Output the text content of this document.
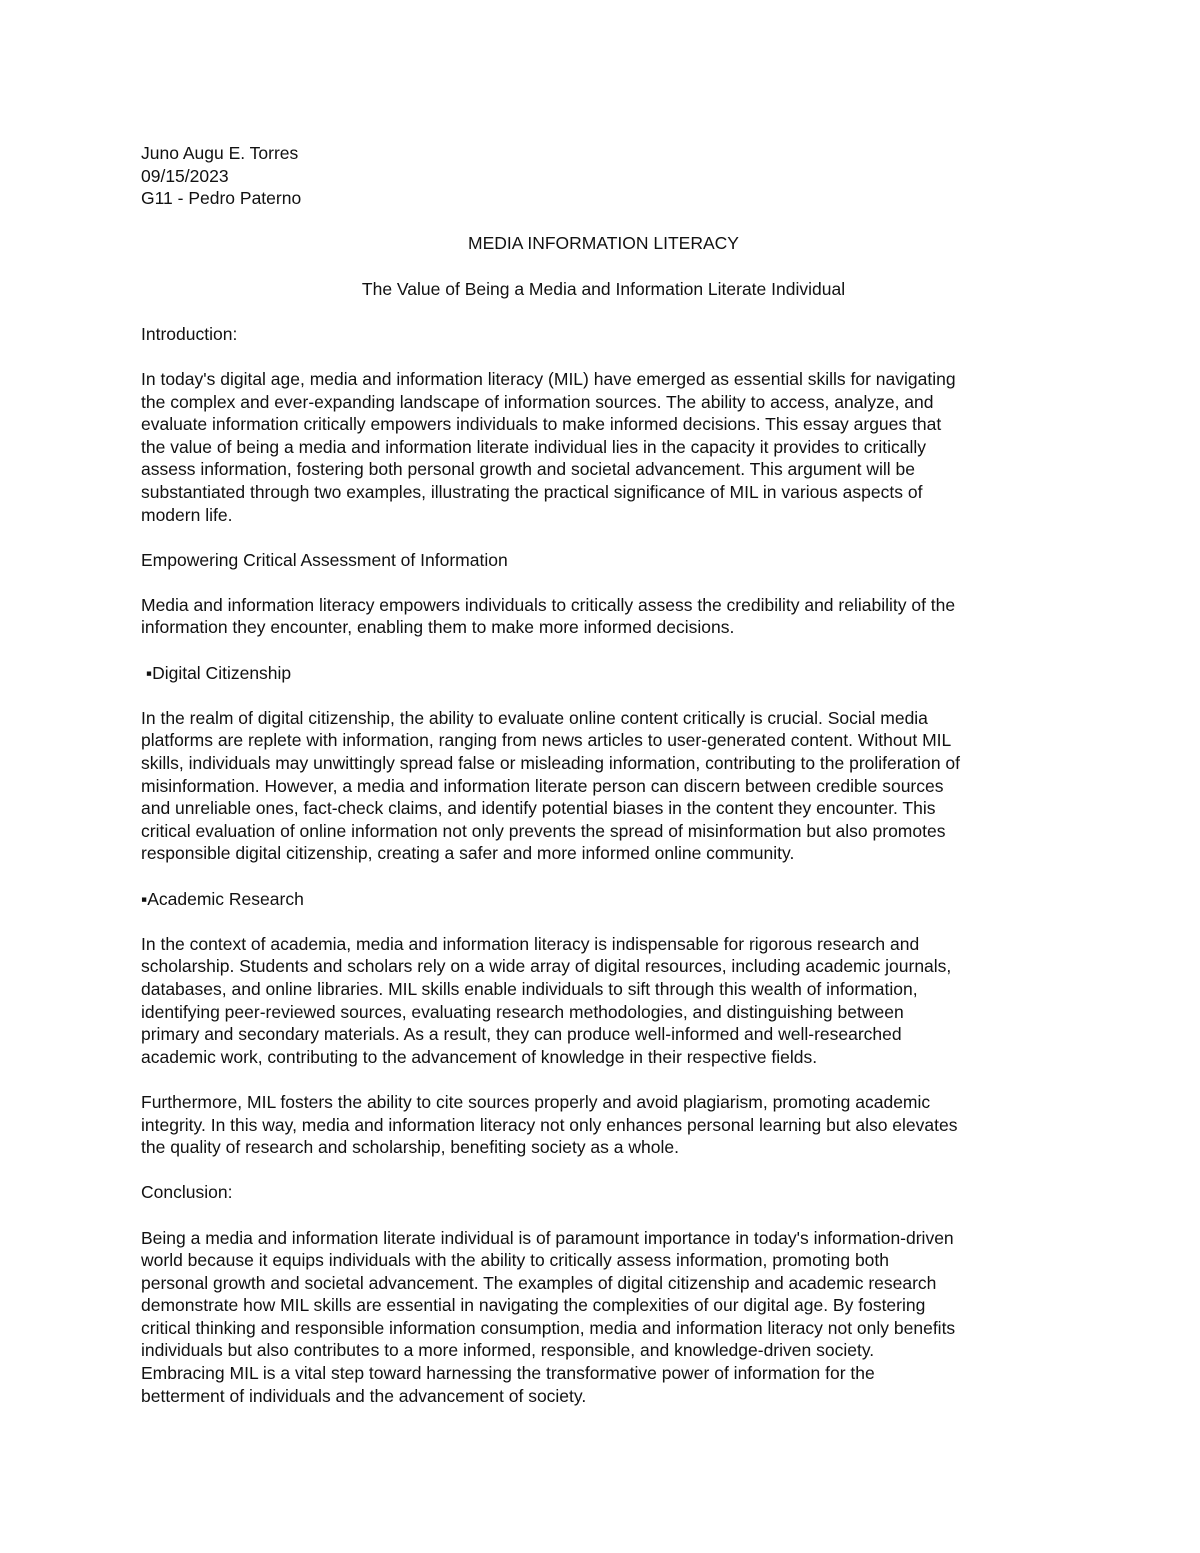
Juno Augu E. Torres
09/15/2023
G11 - Pedro Paterno
MEDIA INFORMATION LITERACY
The Value of Being a Media and Information Literate Individual
Introduction:

In today's digital age, media and information literacy (MIL) have emerged as essential skills for navigating
the complex and ever-expanding landscape of information sources. The ability to access, analyze, and
evaluate information critically empowers individuals to make informed decisions. This essay argues that
the value of being a media and information literate individual lies in the capacity it provides to critically
assess information, fostering both personal growth and societal advancement. This argument will be
substantiated through two examples, illustrating the practical significance of MIL in various aspects of
modern life.

Empowering Critical Assessment of Information

Media and information literacy empowers individuals to critically assess the credibility and reliability of the
information they encounter, enabling them to make more informed decisions.

▪Digital Citizenship

In the realm of digital citizenship, the ability to evaluate online content critically is crucial. Social media
platforms are replete with information, ranging from news articles to user-generated content. Without MIL
skills, individuals may unwittingly spread false or misleading information, contributing to the proliferation of
misinformation. However, a media and information literate person can discern between credible sources
and unreliable ones, fact-check claims, and identify potential biases in the content they encounter. This
critical evaluation of online information not only prevents the spread of misinformation but also promotes
responsible digital citizenship, creating a safer and more informed online community.

▪Academic Research

In the context of academia, media and information literacy is indispensable for rigorous research and
scholarship. Students and scholars rely on a wide array of digital resources, including academic journals,
databases, and online libraries. MIL skills enable individuals to sift through this wealth of information,
identifying peer-reviewed sources, evaluating research methodologies, and distinguishing between
primary and secondary materials. As a result, they can produce well-informed and well-researched
academic work, contributing to the advancement of knowledge in their respective fields.

Furthermore, MIL fosters the ability to cite sources properly and avoid plagiarism, promoting academic
integrity. In this way, media and information literacy not only enhances personal learning but also elevates
the quality of research and scholarship, benefiting society as a whole.

Conclusion:

Being a media and information literate individual is of paramount importance in today's information-driven
world because it equips individuals with the ability to critically assess information, promoting both
personal growth and societal advancement. The examples of digital citizenship and academic research
demonstrate how MIL skills are essential in navigating the complexities of our digital age. By fostering
critical thinking and responsible information consumption, media and information literacy not only benefits
individuals but also contributes to a more informed, responsible, and knowledge-driven society.
Embracing MIL is a vital step toward harnessing the transformative power of information for the
betterment of individuals and the advancement of society.
